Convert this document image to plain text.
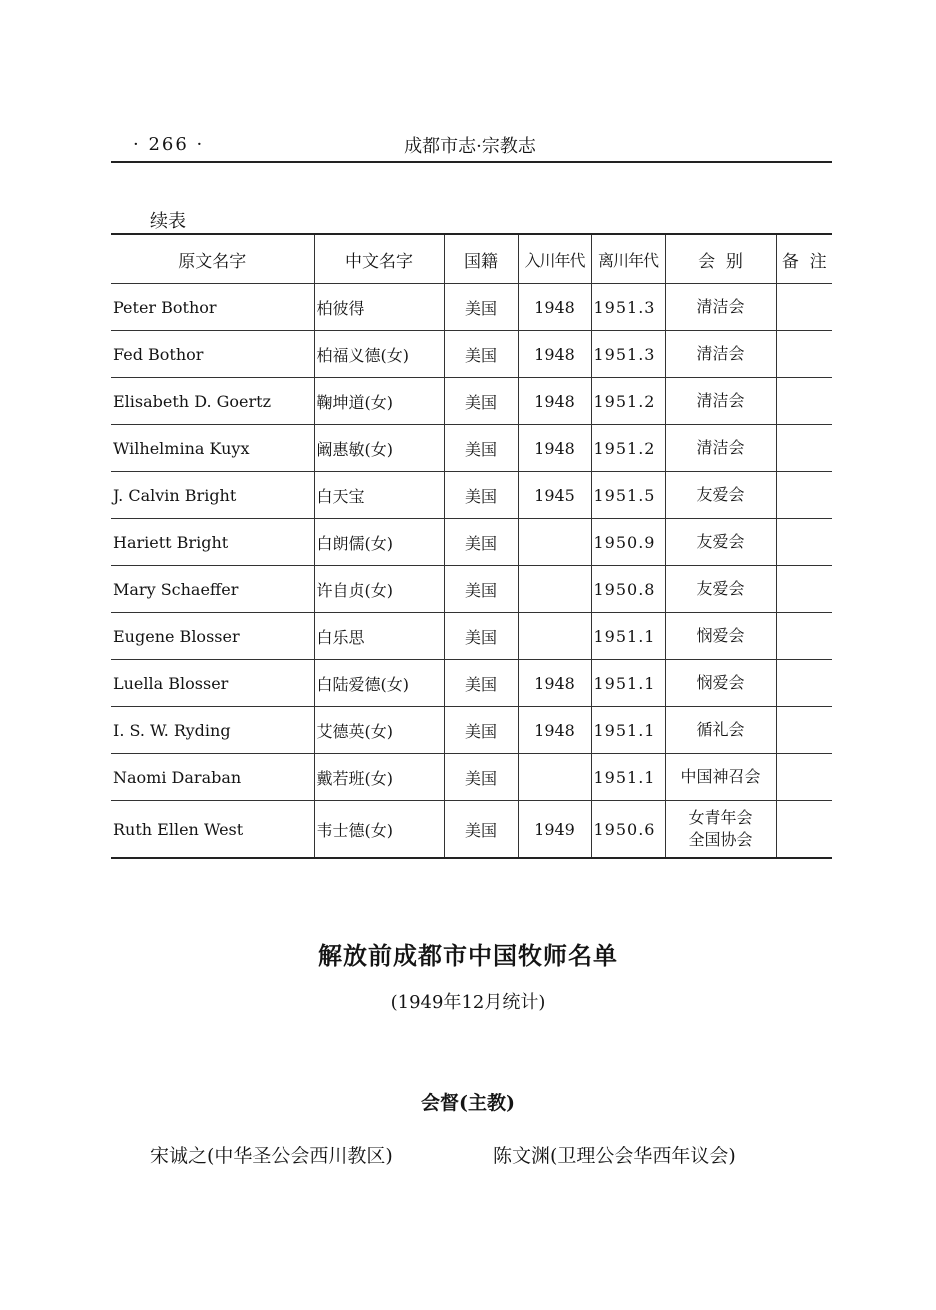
· 266 ·	成都市志·宗教志
续表
原文名字	中文名字	国籍	入川年代	离川年代	会  别	备  注
Peter Bothor	柏彼得	美国	1948	1951.3	清洁会	

Fed Bothor	柏福义德(女)	美国	1948	1951.3	清洁会	

Elisabeth D. Goertz	鞠坤道(女)	美国	1948	1951.2	清洁会	

Wilhelmina Kuyx	阚惠敏(女)	美国	1948	1951.2	清洁会	

J. Calvin Bright	白天宝	美国	1945	1951.5	友爱会	

Hariett Bright	白朗儒(女)	美国		1950.9	友爱会	

Mary Schaeffer	许自贞(女)	美国		1950.8	友爱会	

Eugene Blosser	白乐思	美国		1951.1	悯爱会	

Luella Blosser	白陆爱德(女)	美国	1948	1951.1	悯爱会	

I. S. W. Ryding	艾德英(女)	美国	1948	1951.1	循礼会	

Naomi Daraban	戴若班(女)	美国		1951.1	中国神召会	

Ruth Ellen West	韦士德(女)	美国	1949	1950.6	女青年会
全国协会	

解放前成都市中国牧师名单
(1949年12月统计)
会督(主教)
宋诚之(中华圣公会西川教区)	陈文渊(卫理公会华西年议会)
